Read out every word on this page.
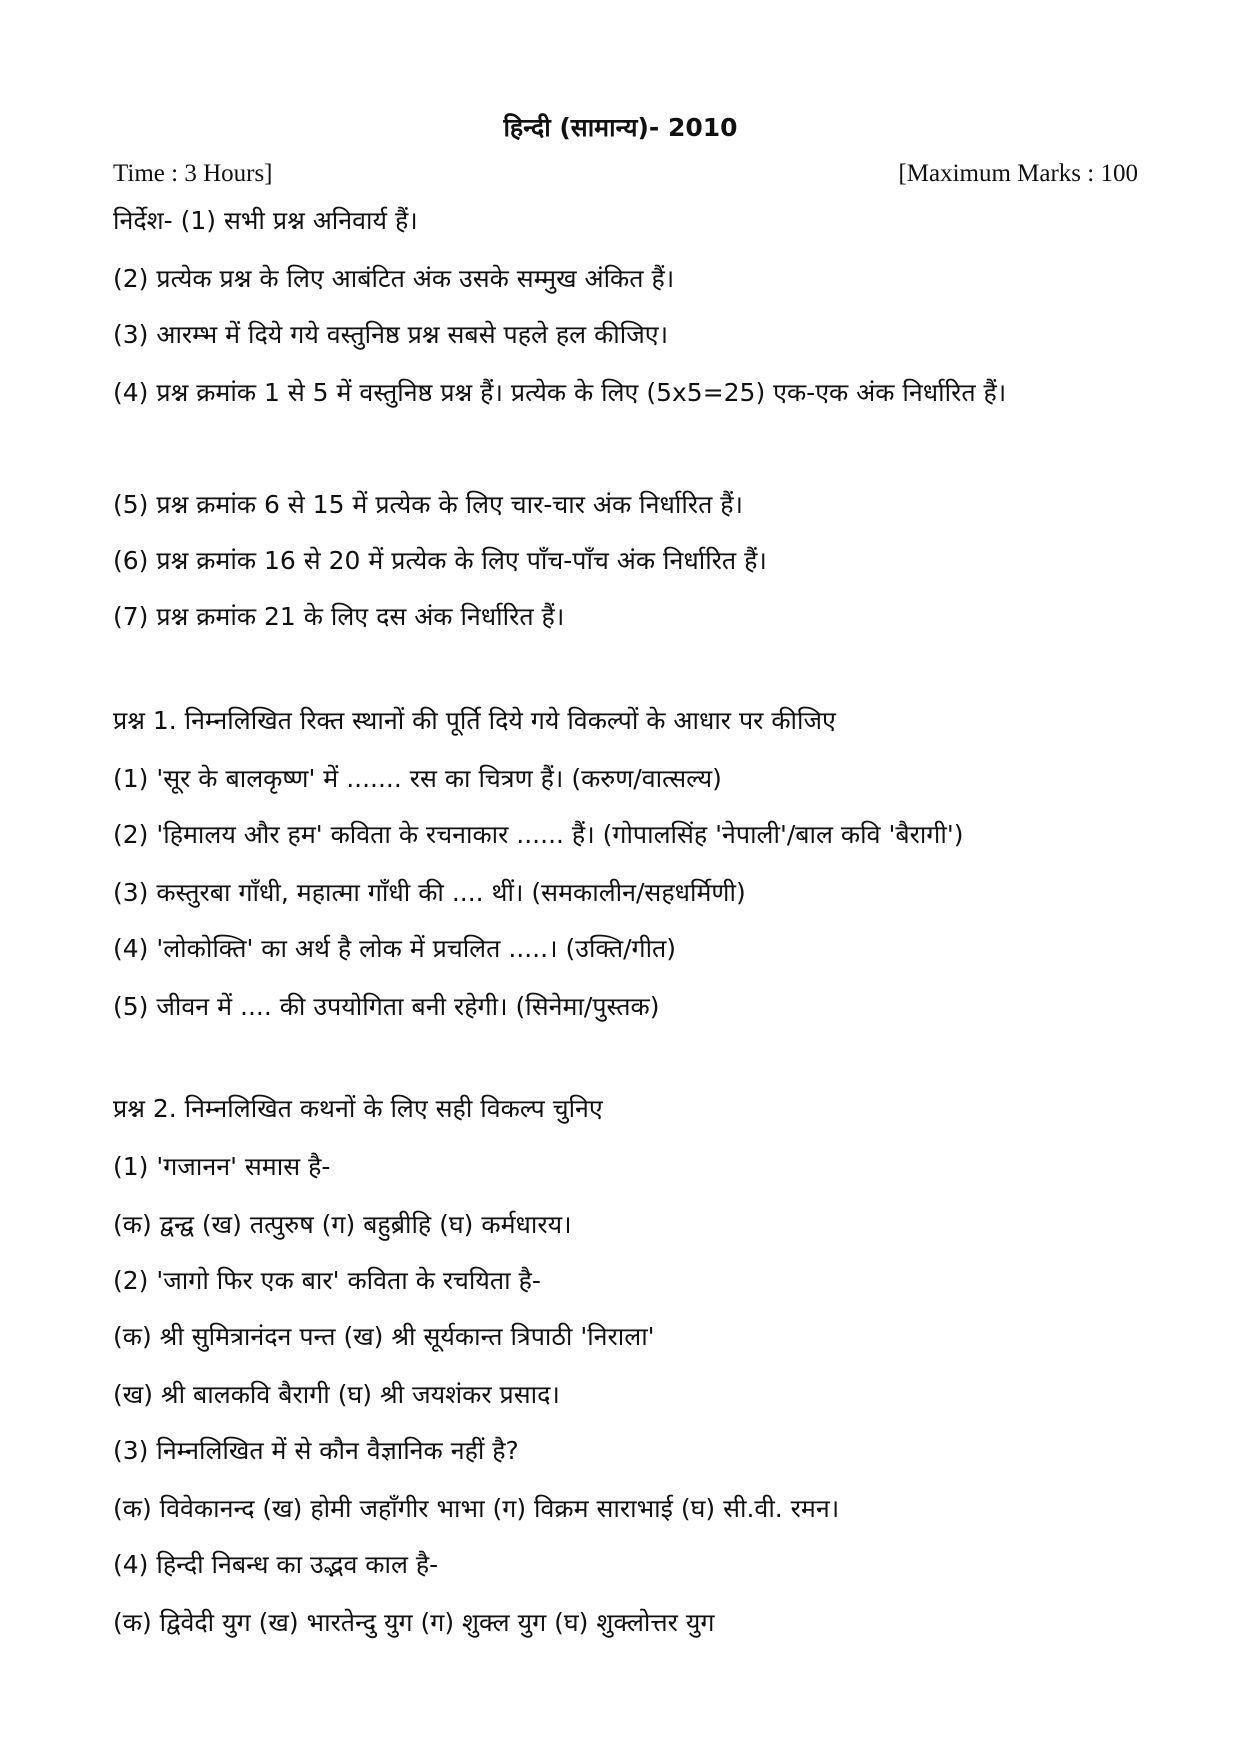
हिन्दी (सामान्य)- 2010
Time : 3 Hours]	[Maximum Marks : 100
निर्देश- (1) सभी प्रश्न अनिवार्य हैं।
(2) प्रत्येक प्रश्न के लिए आबंटित अंक उसके सम्मुख अंकित हैं।
(3) आरम्भ में दिये गये वस्तुनिष्ठ प्रश्न सबसे पहले हल कीजिए।
(4) प्रश्न क्रमांक 1 से 5 में वस्तुनिष्ठ प्रश्न हैं। प्रत्येक के लिए (5x5=25) एक-एक अंक निर्धारित हैं।
(5) प्रश्न क्रमांक 6 से 15 में प्रत्येक के लिए चार-चार अंक निर्धारित हैं।
(6) प्रश्न क्रमांक 16 से 20 में प्रत्येक के लिए पाँच-पाँच अंक निर्धारित हैं।
(7) प्रश्न क्रमांक 21 के लिए दस अंक निर्धारित हैं।
प्रश्न 1. निम्नलिखित रिक्त स्थानों की पूर्ति दिये गये विकल्पों के आधार पर कीजिए
(1) 'सूर के बालकृष्ण' में ....... रस का चित्रण हैं। (करुण/वात्सल्य)
(2) 'हिमालय और हम' कविता के रचनाकार ...... हैं। (गोपालसिंह 'नेपाली'/बाल कवि 'बैरागी')
(3) कस्तुरबा गाँधी, महात्मा गाँधी की .... थीं। (समकालीन/सहधर्मिणी)
(4) 'लोकोक्ति' का अर्थ है लोक में प्रचलित .....। (उक्ति/गीत)
(5) जीवन में .... की उपयोगिता बनी रहेगी। (सिनेमा/पुस्तक)
प्रश्न 2. निम्नलिखित कथनों के लिए सही विकल्प चुनिए
(1) 'गजानन' समास है-
(क) द्वन्द्व (ख) तत्पुरुष (ग) बहुब्रीहि (घ) कर्मधारय।
(2) 'जागो फिर एक बार' कविता के रचयिता है-
(क) श्री सुमित्रानंदन पन्त (ख) श्री सूर्यकान्त त्रिपाठी 'निराला'
(ख) श्री बालकवि बैरागी (घ) श्री जयशंकर प्रसाद।
(3) निम्नलिखित में से कौन वैज्ञानिक नहीं है?
(क) विवेकानन्द (ख) होमी जहाँगीर भाभा (ग) विक्रम साराभाई (घ) सी.वी. रमन।
(4) हिन्दी निबन्ध का उद्भव काल है-
(क) द्विवेदी युग (ख) भारतेन्दु युग (ग) शुक्ल युग (घ) शुक्लोत्तर युग
